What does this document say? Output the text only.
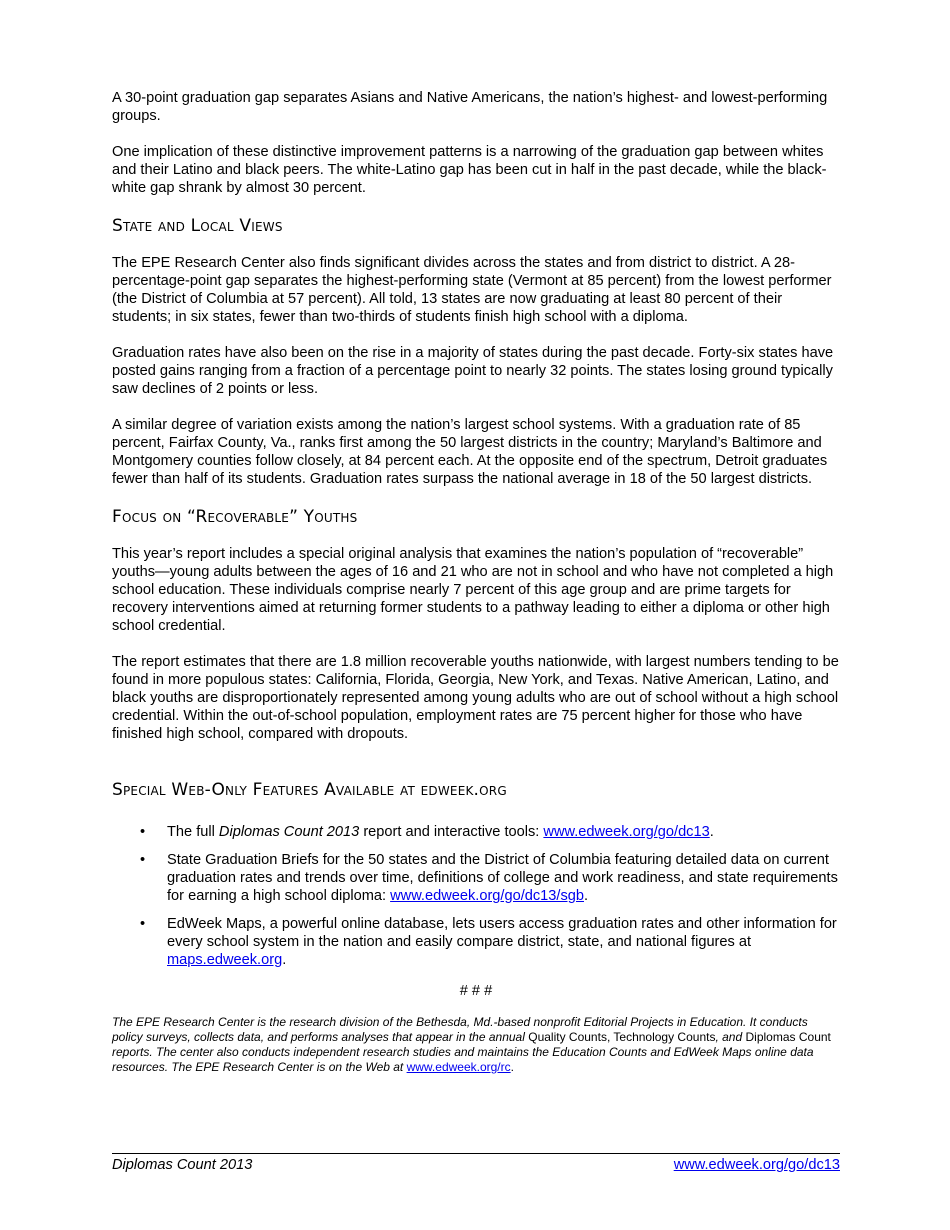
A 30-point graduation gap separates Asians and Native Americans, the nation’s highest- and lowest-performing groups.

One implication of these distinctive improvement patterns is a narrowing of the graduation gap between whites and their Latino and black peers. The white-Latino gap has been cut in half in the past decade, while the black-white gap shrank by almost 30 percent.

State and Local Views

The EPE Research Center also finds significant divides across the states and from district to district. A 28-percentage-point gap separates the highest-performing state (Vermont at 85 percent) from the lowest performer (the District of Columbia at 57 percent). All told, 13 states are now graduating at least 80 percent of their students; in six states, fewer than two-thirds of students finish high school with a diploma.

Graduation rates have also been on the rise in a majority of states during the past decade. Forty-six states have posted gains ranging from a fraction of a percentage point to nearly 32 points. The states losing ground typically saw declines of 2 points or less.

A similar degree of variation exists among the nation’s largest school systems. With a graduation rate of 85 percent, Fairfax County, Va., ranks first among the 50 largest districts in the country; Maryland’s Baltimore and Montgomery counties follow closely, at 84 percent each. At the opposite end of the spectrum, Detroit graduates fewer than half of its students. Graduation rates surpass the national average in 18 of the 50 largest districts.

Focus on “Recoverable” Youths

This year’s report includes a special original analysis that examines the nation’s population of “recoverable” youths—young adults between the ages of 16 and 21 who are not in school and who have not completed a high school education. These individuals comprise nearly 7 percent of this age group and are prime targets for recovery interventions aimed at returning former students to a pathway leading to either a diploma or other high school credential.

The report estimates that there are 1.8 million recoverable youths nationwide, with largest numbers tending to be found in more populous states: California, Florida, Georgia, New York, and Texas. Native American, Latino, and black youths are disproportionately represented among young adults who are out of school without a high school credential. Within the out-of-school population, employment rates are 75 percent higher for those who have finished high school, compared with dropouts.

Special Web-Only Features Available at edweek.org
• The full Diplomas Count 2013 report and interactive tools: www.edweek.org/go/dc13.
• State Graduation Briefs for the 50 states and the District of Columbia featuring detailed data on current graduation rates and trends over time, definitions of college and work readiness, and state requirements for earning a high school diploma: www.edweek.org/go/dc13/sgb.
• EdWeek Maps, a powerful online database, lets users access graduation rates and other information for every school system in the nation and easily compare district, state, and national figures at maps.edweek.org.
# # #

The EPE Research Center is the research division of the Bethesda, Md.-based nonprofit Editorial Projects in Education. It conducts policy surveys, collects data, and performs analyses that appear in the annual Quality Counts, Technology Counts, and Diplomas Count reports. The center also conducts independent research studies and maintains the Education Counts and EdWeek Maps online data resources. The EPE Research Center is on the Web at www.edweek.org/rc.

Diplomas Count 2013	www.edweek.org/go/dc13
